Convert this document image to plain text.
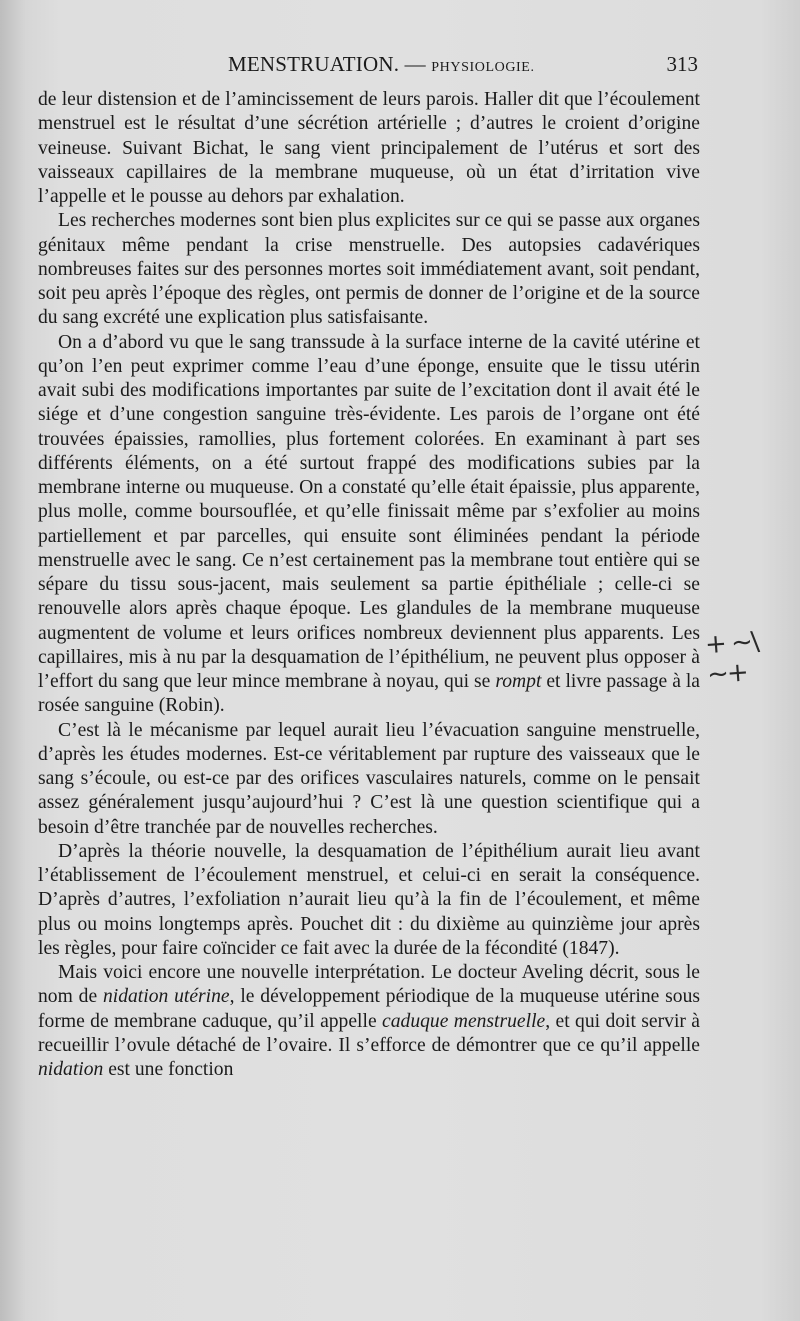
MENSTRUATION. — PHYSIOLOGIE.	313

de leur distension et de l’amincissement de leurs parois. Haller dit que l’écoulement menstruel est le résultat d’une sécrétion artérielle ; d’autres le croient d’origine veineuse. Suivant Bichat, le sang vient principalement de l’utérus et sort des vaisseaux capillaires de la membrane muqueuse, où un état d’irritation vive l’appelle et le pousse au dehors par exhalation.

Les recherches modernes sont bien plus explicites sur ce qui se passe aux organes génitaux même pendant la crise menstruelle. Des autopsies cadavériques nombreuses faites sur des personnes mortes soit immédiatement avant, soit pendant, soit peu après l’époque des règles, ont permis de donner de l’origine et de la source du sang excrété une explication plus satisfaisante.

On a d’abord vu que le sang transsude à la surface interne de la cavité utérine et qu’on l’en peut exprimer comme l’eau d’une éponge, ensuite que le tissu utérin avait subi des modifications importantes par suite de l’excitation dont il avait été le siége et d’une congestion sanguine très-évidente. Les parois de l’organe ont été trouvées épaissies, ramollies, plus fortement colorées. En examinant à part ses différents éléments, on a été surtout frappé des modifications subies par la membrane interne ou muqueuse. On a constaté qu’elle était épaissie, plus apparente, plus molle, comme boursouflée, et qu’elle finissait même par s’exfolier au moins partiellement et par parcelles, qui ensuite sont éliminées pendant la période menstruelle avec le sang. Ce n’est certainement pas la membrane tout entière qui se sépare du tissu sous-jacent, mais seulement sa partie épithéliale ; celle-ci se renouvelle alors après chaque époque. Les glandules de la membrane muqueuse augmentent de volume et leurs orifices nombreux deviennent plus apparents. Les capillaires, mis à nu par la desquamation de l’épithélium, ne peuvent plus opposer à l’effort du sang que leur mince membrane à noyau, qui se rompt et livre passage à la rosée sanguine (Robin).

C’est là le mécanisme par lequel aurait lieu l’évacuation sanguine menstruelle, d’après les études modernes. Est-ce véritablement par rupture des vaisseaux que le sang s’écoule, ou est-ce par des orifices vasculaires naturels, comme on le pensait assez généralement jusqu’aujourd’hui ? C’est là une question scientifique qui a besoin d’être tranchée par de nouvelles recherches.

D’après la théorie nouvelle, la desquamation de l’épithélium aurait lieu avant l’établissement de l’écoulement menstruel, et celui-ci en serait la conséquence. D’après d’autres, l’exfoliation n’aurait lieu qu’à la fin de l’écoulement, et même plus ou moins longtemps après. Pouchet dit : du dixième au quinzième jour après les règles, pour faire coïncider ce fait avec la durée de la fécondité (1847).

Mais voici encore une nouvelle interprétation. Le docteur Aveling décrit, sous le nom de nidation utérine, le développement périodique de la muqueuse utérine sous forme de membrane caduque, qu’il appelle caduque menstruelle, et qui doit servir à recueillir l’ovule détaché de l’ovaire. Il s’efforce de démontrer que ce qu’il appelle nidation est une fonction

+ ~\ ~+
